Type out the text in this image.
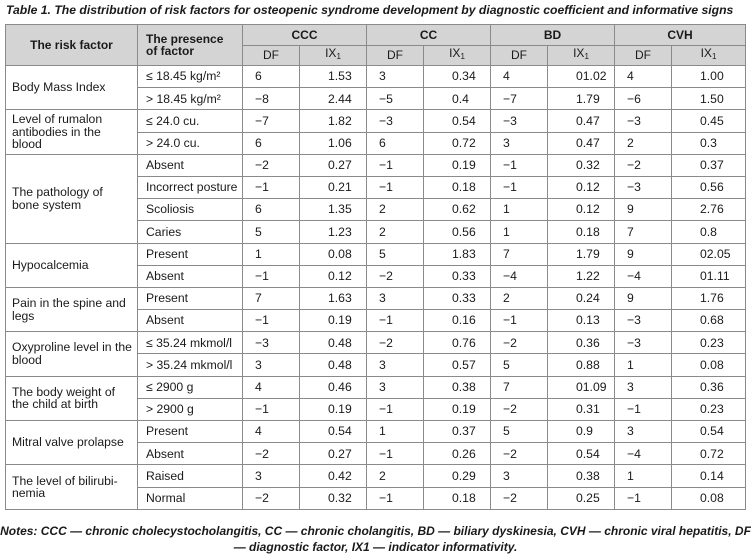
Table 1. The distribution of risk factors for osteopenic syndrome development by diagnostic coefficient and informative signs
The risk factor	The presence of factor	CCC		CC		BD		CVH	
		DF	$IX_1$	DF	$IX_1$	DF	$IX_1$	DF	$IX_1$
Body Mass Index	≤ 18.45 kg/m²	6	1.53	3	0.34	4	01.02	4	1.00
	> 18.45 kg/m²	−8	2.44	−5	0.4	−7	1.79	−6	1.50
Level of rumalon antibodies in the blood	≤ 24.0 cu.	−7	1.82	−3	0.54	−3	0.47	−3	0.45
	> 24.0 cu.	6	1.06	6	0.72	3	0.47	2	0.3
The pathology of bone system	Absent	−2	0.27	−1	0.19	−1	0.32	−2	0.37
	Incorrect posture	−1	0.21	−1	0.18	−1	0.12	−3	0.56
	Scoliosis	6	1.35	2	0.62	1	0.12	9	2.76
	Caries	5	1.23	2	0.56	1	0.18	7	0.8
Hypocalcemia	Present	1	0.08	5	1.83	7	1.79	9	02.05
	Absent	−1	0.12	−2	0.33	−4	1.22	−4	01.11
Pain in the spine and legs	Present	7	1.63	3	0.33	2	0.24	9	1.76
	Absent	−1	0.19	−1	0.16	−1	0.13	−3	0.68
Oxyproline level in the blood	≤ 35.24 mkmol/l	−3	0.48	−2	0.76	−2	0.36	−3	0.23
	> 35.24 mkmol/l	3	0.48	3	0.57	5	0.88	1	0.08
The body weight of the child at birth	≤ 2900 g	4	0.46	3	0.38	7	01.09	3	0.36
	> 2900 g	−1	0.19	−1	0.19	−2	0.31	−1	0.23
Mitral valve prolapse	Present	4	0.54	1	0.37	5	0.9	3	0.54
	Absent	−2	0.27	−1	0.26	−2	0.54	−4	0.72
The level of bilirubi-nemia	Raised	3	0.42	2	0.29	3	0.38	1	0.14
	Normal	−2	0.32	−1	0.18	−2	0.25	−1	0.08
Notes: CCC — chronic cholecystocholangitis, CC — chronic cholangitis, BD — biliary dyskinesia, CVH — chronic viral hepatitis, DF — diagnostic factor, IX1 — indicator informativity.
